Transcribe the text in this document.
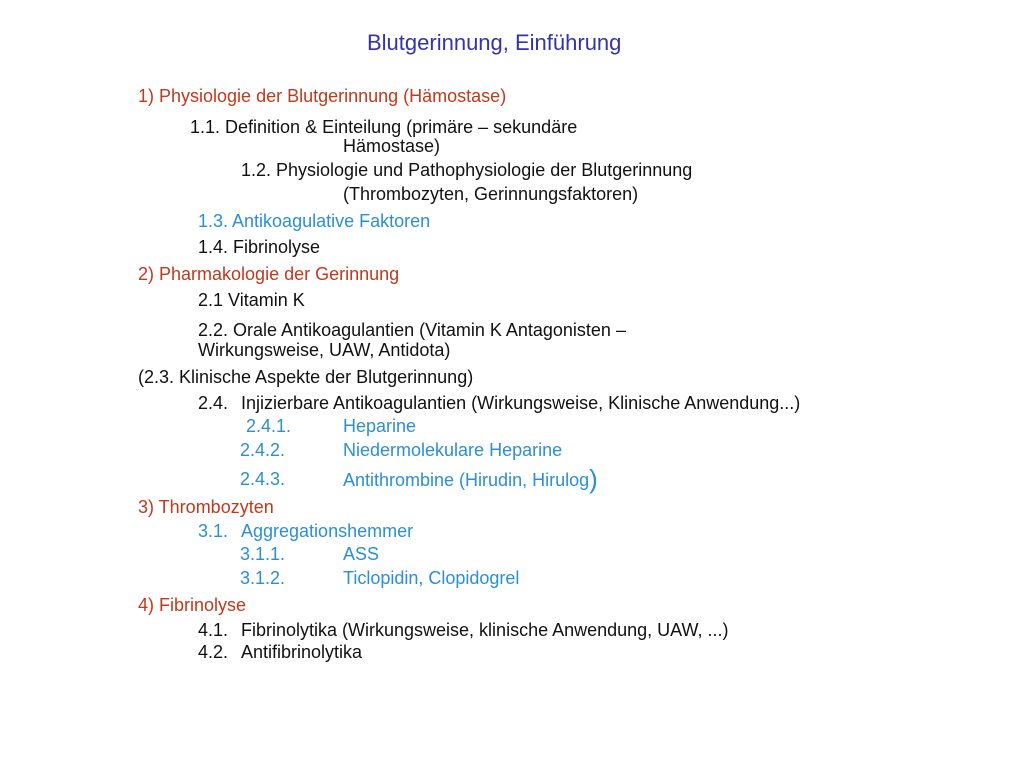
Blutgerinnung, Einführung
1) Physiologie der Blutgerinnung (Hämostase)
1.1. Definition & Einteilung (primäre – sekundäre
Hämostase)
1.2. Physiologie und Pathophysiologie der Blutgerinnung
(Thrombozyten, Gerinnungsfaktoren)
1.3. Antikoagulative Faktoren
1.4. Fibrinolyse
2) Pharmakologie der Gerinnung
2.1 Vitamin K
2.2. Orale Antikoagulantien (Vitamin K Antagonisten –
Wirkungsweise, UAW, Antidota)
(2.3. Klinische Aspekte der Blutgerinnung)
2.4. Injizierbare Antikoagulantien (Wirkungsweise, Klinische Anwendung...)
2.4.1.	Heparine
2.4.2.	Niedermolekulare Heparine
2.4.3.	Antithrombine (Hirudin, Hirulog)
3) Thrombozyten
3.1. Aggregationshemmer
3.1.1.	ASS
3.1.2.	Ticlopidin, Clopidogrel
4) Fibrinolyse
4.1. Fibrinolytika (Wirkungsweise, klinische Anwendung, UAW, ...)
4.2. Antifibrinolytika
